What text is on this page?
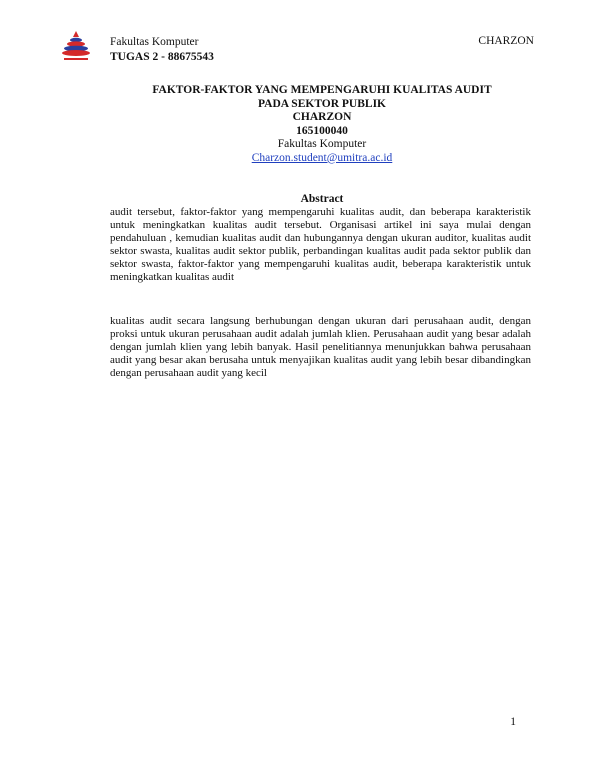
Fakultas Komputer
TUGAS 2 - 88675543
CHARZON
FAKTOR-FAKTOR YANG MEMPENGARUHI KUALITAS AUDIT
PADA SEKTOR PUBLIK
CHARZON
165100040
Fakultas Komputer
Charzon.student@umitra.ac.id
Abstract
audit tersebut, faktor-faktor yang mempengaruhi kualitas audit, dan beberapa karakteristik untuk meningkatkan kualitas audit tersebut. Organisasi artikel ini saya mulai dengan pendahuluan , kemudian kualitas audit dan hubungannya dengan ukuran auditor, kualitas audit sektor swasta, kualitas audit sektor publik, perbandingan kualitas audit pada sektor publik dan sektor swasta, faktor-faktor yang mempengaruhi kualitas audit, beberapa karakteristik untuk meningkatkan kualitas audit
kualitas audit secara langsung berhubungan dengan ukuran dari perusahaan audit, dengan proksi untuk ukuran perusahaan audit adalah jumlah klien. Perusahaan audit yang besar adalah dengan jumlah klien yang lebih banyak. Hasil penelitiannya menunjukkan bahwa perusahaan audit yang besar akan berusaha untuk menyajikan kualitas audit yang lebih besar dibandingkan dengan perusahaan audit yang kecil
1
